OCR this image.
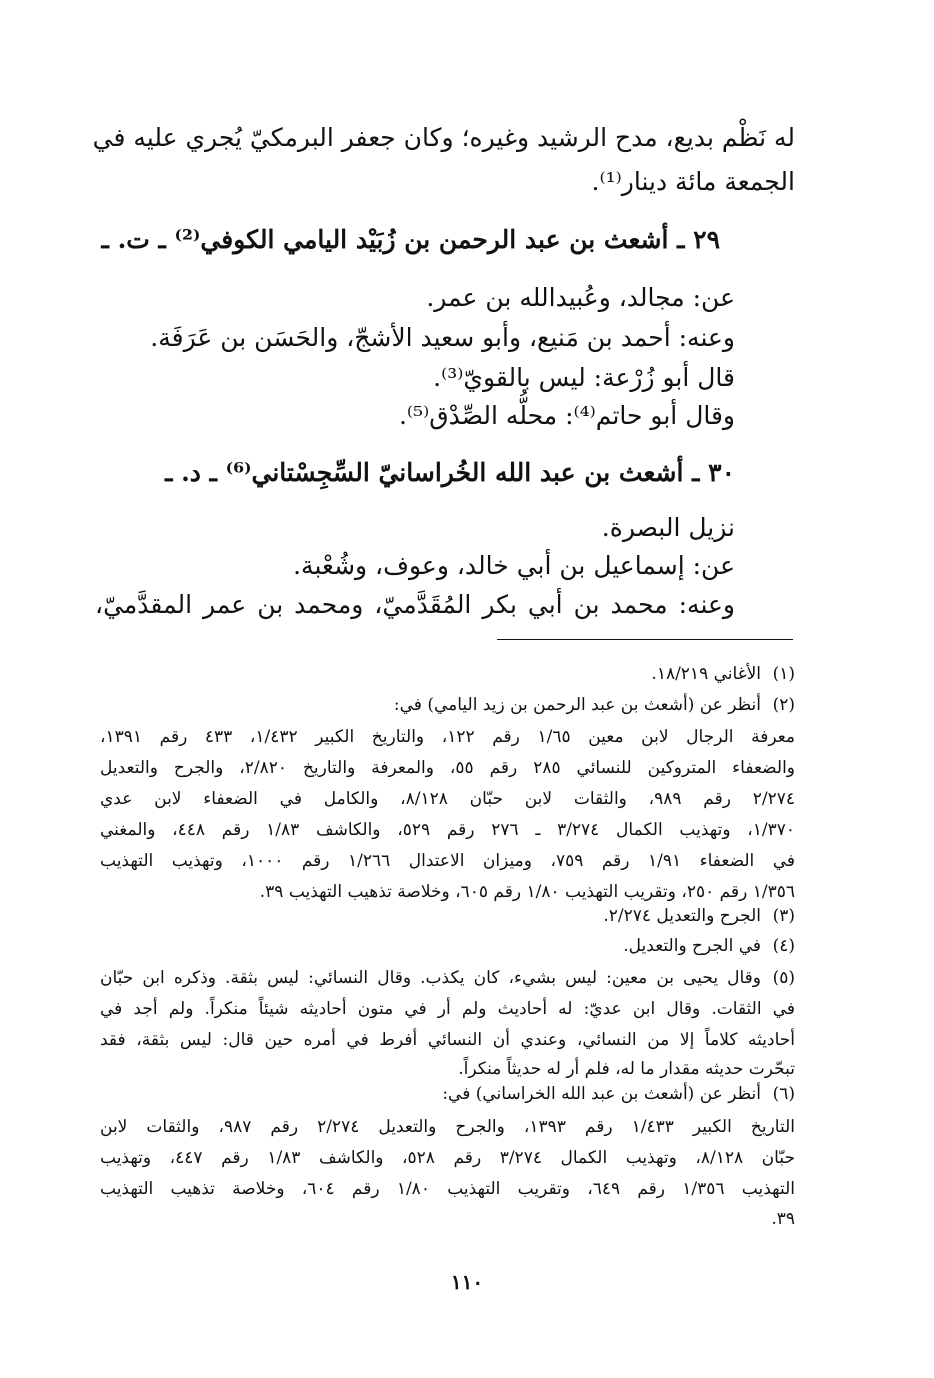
له نَظْم بديع، مدح الرشيد وغيره؛ وكان جعفر البرمكيّ يُجري عليه في
الجمعة مائة دينار⁽¹⁾.
٢٩ ـ أشعث بن عبد الرحمن بن زُبَيْد اليامي الكوفي⁽²⁾ ـ ت. ـ
عن: مجالد، وعُبيدالله بن عمر.
وعنه: أحمد بن مَنيع، وأبو سعيد الأشجّ، والحَسَن بن عَرَفَة.
قال أبو زُرْعة: ليس بالقويّ⁽³⁾.
وقال أبو حاتم⁽⁴⁾: محلُّه الصِّدْق⁽⁵⁾.
٣٠ ـ أشعث بن عبد الله الخُراسانيّ السِّجِسْتاني⁽⁶⁾ ـ د. ـ
نزيل البصرة.
عن: إسماعيل بن أبي خالد، وعوف، وشُعْبة.
وعنه: محمد بن أبي بكر المُقَدَّميّ، ومحمد بن عمر المقدَّميّ،
(١)الأغاني ١٨/٢١٩.
(٢)أنظر عن (أشعث بن عبد الرحمن بن زيد اليامي) في:
معرفة الرجال لابن معين ١/٦٥ رقم ١٢٢، والتاريخ الكبير ١/٤٣٢، ٤٣٣ رقم ١٣٩١،
والضعفاء المتروكين للنسائي ٢٨٥ رقم ٥٥، والمعرفة والتاريخ ٢/٨٢٠، والجرح والتعديل
٢/٢٧٤ رقم ٩٨٩، والثقات لابن حبّان ٨/١٢٨، والكامل في الضعفاء لابن عدي
١/٣٧٠، وتهذيب الكمال ٣/٢٧٤ ـ ٢٧٦ رقم ٥٢٩، والكاشف ١/٨٣ رقم ٤٤٨، والمغني
في الضعفاء ١/٩١ رقم ٧٥٩، وميزان الاعتدال ١/٢٦٦ رقم ١٠٠٠، وتهذيب التهذيب
١/٣٥٦ رقم ٢٥٠، وتقريب التهذيب ١/٨٠ رقم ٦٠٥، وخلاصة تذهيب التهذيب ٣٩.
(٣)الجرح والتعديل ٢/٢٧٤.
(٤)في الجرح والتعديل.
(٥)وقال يحيى بن معين: ليس بشيء، كان يكذب. وقال النسائي: ليس بثقة. وذكره ابن حبّان
في الثقات. وقال ابن عديّ: له أحاديث ولم أر في متون أحاديثه شيئاً منكراً. ولم أجد في
أحاديثه كلاماً إلا من النسائي، وعندي أن النسائي أفرط في أمره حين قال: ليس بثقة، فقد
تبحّرت حديثه مقدار ما له، فلم أر له حديثاً منكراً.
(٦)أنظر عن (أشعث بن عبد الله الخراساني) في:
التاريخ الكبير ١/٤٣٣ رقم ١٣٩٣، والجرح والتعديل ٢/٢٧٤ رقم ٩٨٧، والثقات لابن
حبّان ٨/١٢٨، وتهذيب الكمال ٣/٢٧٤ رقم ٥٢٨، والكاشف ١/٨٣ رقم ٤٤٧، وتهذيب
التهذيب ١/٣٥٦ رقم ٦٤٩، وتقريب التهذيب ١/٨٠ رقم ٦٠٤، وخلاصة تذهيب التهذيب
٣٩.
١١٠
